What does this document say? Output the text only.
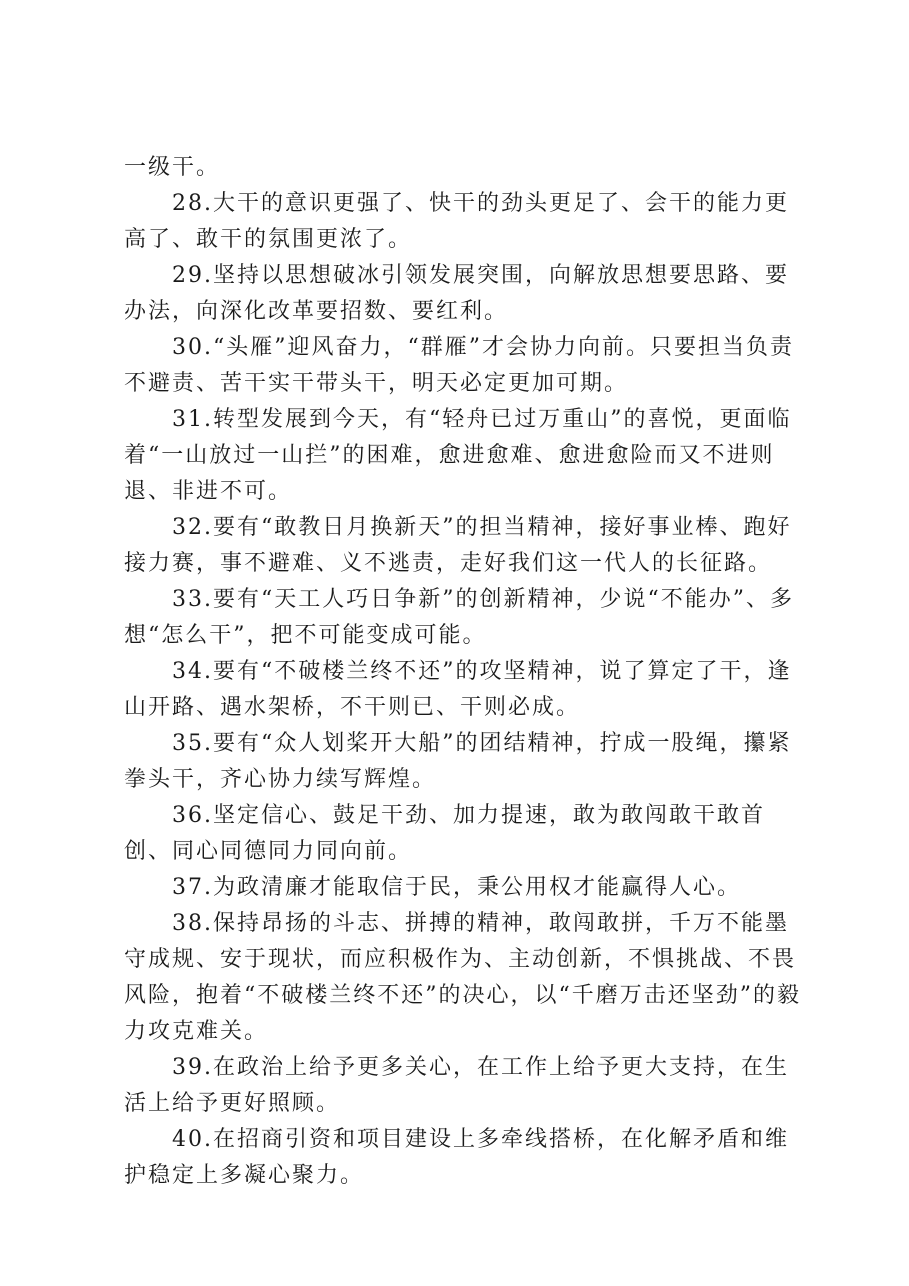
一级干。

28.大干的意识更强了、快干的劲头更足了、会干的能力更高了、敢干的氛围更浓了。

29.坚持以思想破冰引领发展突围，向解放思想要思路、要办法，向深化改革要招数、要红利。

30.“头雁”迎风奋力，“群雁”才会协力向前。只要担当负责不避责、苦干实干带头干，明天必定更加可期。

31.转型发展到今天，有“轻舟已过万重山”的喜悦，更面临着“一山放过一山拦”的困难，愈进愈难、愈进愈险而又不进则退、非进不可。

32.要有“敢教日月换新天”的担当精神，接好事业棒、跑好接力赛，事不避难、义不逃责，走好我们这一代人的长征路。

33.要有“天工人巧日争新”的创新精神，少说“不能办”、多想“怎么干”，把不可能变成可能。

34.要有“不破楼兰终不还”的攻坚精神，说了算定了干，逢山开路、遇水架桥，不干则已、干则必成。

35.要有“众人划桨开大船”的团结精神，拧成一股绳，攥紧拳头干，齐心协力续写辉煌。

36.坚定信心、鼓足干劲、加力提速，敢为敢闯敢干敢首创、同心同德同力同向前。

37.为政清廉才能取信于民，秉公用权才能赢得人心。

38.保持昂扬的斗志、拼搏的精神，敢闯敢拼，千万不能墨守成规、安于现状，而应积极作为、主动创新，不惧挑战、不畏风险，抱着“不破楼兰终不还”的决心，以“千磨万击还坚劲”的毅力攻克难关。

39.在政治上给予更多关心，在工作上给予更大支持，在生活上给予更好照顾。

40.在招商引资和项目建设上多牵线搭桥，在化解矛盾和维护稳定上多凝心聚力。
